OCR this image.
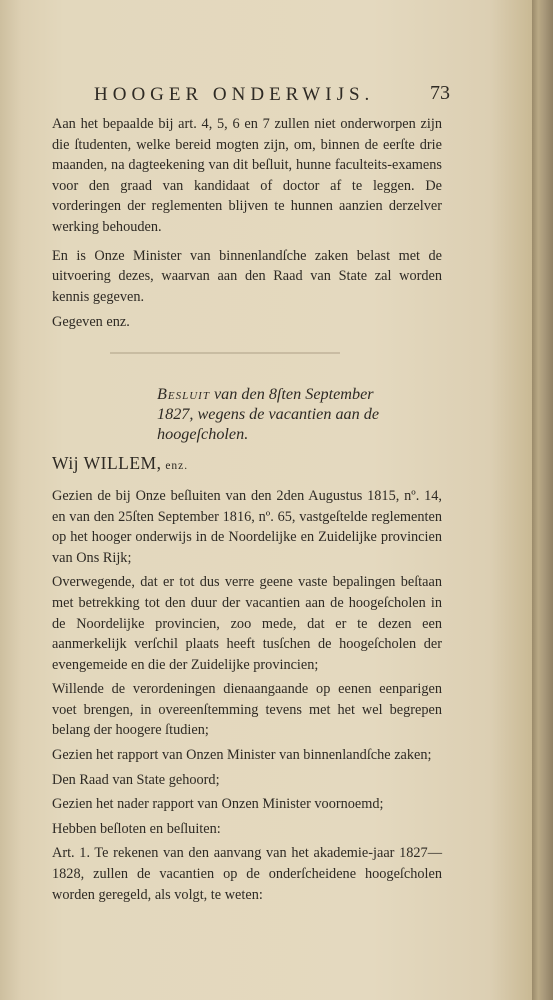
HOOGER ONDERWIJS.	73

Aan het bepaalde bij art. 4, 5, 6 en 7 zullen niet onderworpen zijn die ſtudenten, welke bereid mogten zijn, om, binnen de eerſte drie maanden, na dagteekening van dit beſluit, hunne faculteits-examens voor den graad van kandidaat of doctor af te leggen. De vorderingen der reglementen blijven te hunnen aanzien derzelver werking behouden.

En is Onze Minister van binnenlandſche zaken belast met de uitvoering dezes, waarvan aan den Raad van State zal worden kennis gegeven.

Gegeven enz.

Besluit van den 8ſten September
1827, wegens de vacantien aan de
hoogeſcholen.
Wij WILLEM, enz.

Gezien de bij Onze beſluiten van den 2den Augustus 1815, nº. 14, en van den 25ſten September 1816, nº. 65, vastgeſtelde reglementen op het hooger onderwijs in de Noordelijke en Zuidelijke provincien van Ons Rijk;

Overwegende, dat er tot dus verre geene vaste bepalingen beſtaan met betrekking tot den duur der vacantien aan de hoogeſcholen in de Noordelijke provincien, zoo mede, dat er te dezen een aanmerkelijk verſchil plaats heeft tusſchen de hoogeſcholen der evengemeide en die der Zuidelijke provincien;

Willende de verordeningen dienaangaande op eenen eenparigen voet brengen, in overeenſtemming tevens met het wel begrepen belang der hoogere ſtudien;

Gezien het rapport van Onzen Minister van binnenlandſche zaken;

Den Raad van State gehoord;

Gezien het nader rapport van Onzen Minister voornoemd;

Hebben beſloten en beſluiten:

Art. 1. Te rekenen van den aanvang van het akademie-jaar 1827—1828, zullen de vacantien op de onderſcheidene hoogeſcholen worden geregeld, als volgt, te weten:
